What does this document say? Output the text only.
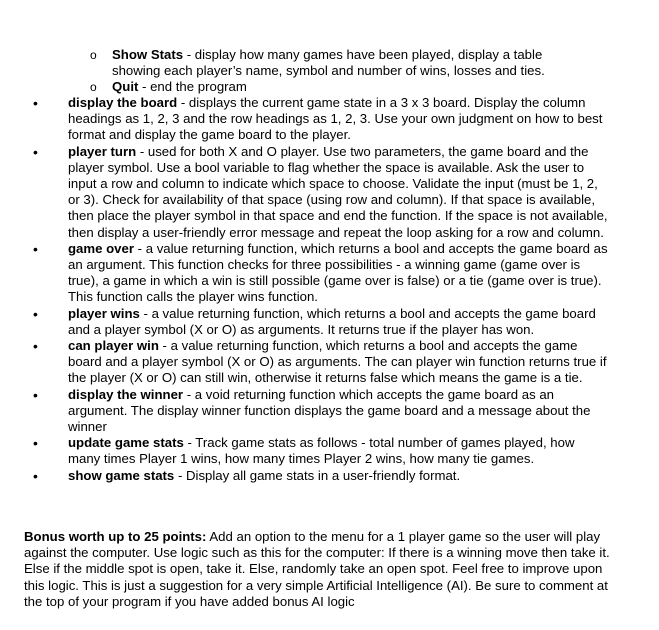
o Show Stats - display how many games have been played, display a table showing each player’s name, symbol and number of wins, losses and ties.
o Quit - end the program
• display the board - displays the current game state in a 3 x 3 board. Display the column headings as 1, 2, 3 and the row headings as 1, 2, 3. Use your own judgment on how to best format and display the game board to the player.
• player turn - used for both X and O player. Use two parameters, the game board and the player symbol. Use a bool variable to flag whether the space is available. Ask the user to input a row and column to indicate which space to choose. Validate the input (must be 1, 2, or 3). Check for availability of that space (using row and column). If that space is available, then place the player symbol in that space and end the function. If the space is not available, then display a user-friendly error message and repeat the loop asking for a row and column.
• game over - a value returning function, which returns a bool and accepts the game board as an argument. This function checks for three possibilities - a winning game (game over is true), a game in which a win is still possible (game over is false) or a tie (game over is true). This function calls the player wins function.
• player wins - a value returning function, which returns a bool and accepts the game board and a player symbol (X or O) as arguments. It returns true if the player has won.
• can player win - a value returning function, which returns a bool and accepts the game board and a player symbol (X or O) as arguments. The can player win function returns true if the player (X or O) can still win, otherwise it returns false which means the game is a tie.
• display the winner - a void returning function which accepts the game board as an argument. The display winner function displays the game board and a message about the winner
• update game stats - Track game stats as follows - total number of games played, how many times Player 1 wins, how many times Player 2 wins, how many tie games.
• show game stats - Display all game stats in a user-friendly format.

Bonus worth up to 25 points: Add an option to the menu for a 1 player game so the user will play against the computer. Use logic such as this for the computer: If there is a winning move then take it. Else if the middle spot is open, take it. Else, randomly take an open spot. Feel free to improve upon this logic. This is just a suggestion for a very simple Artificial Intelligence (AI). Be sure to comment at the top of your program if you have added bonus AI logic
